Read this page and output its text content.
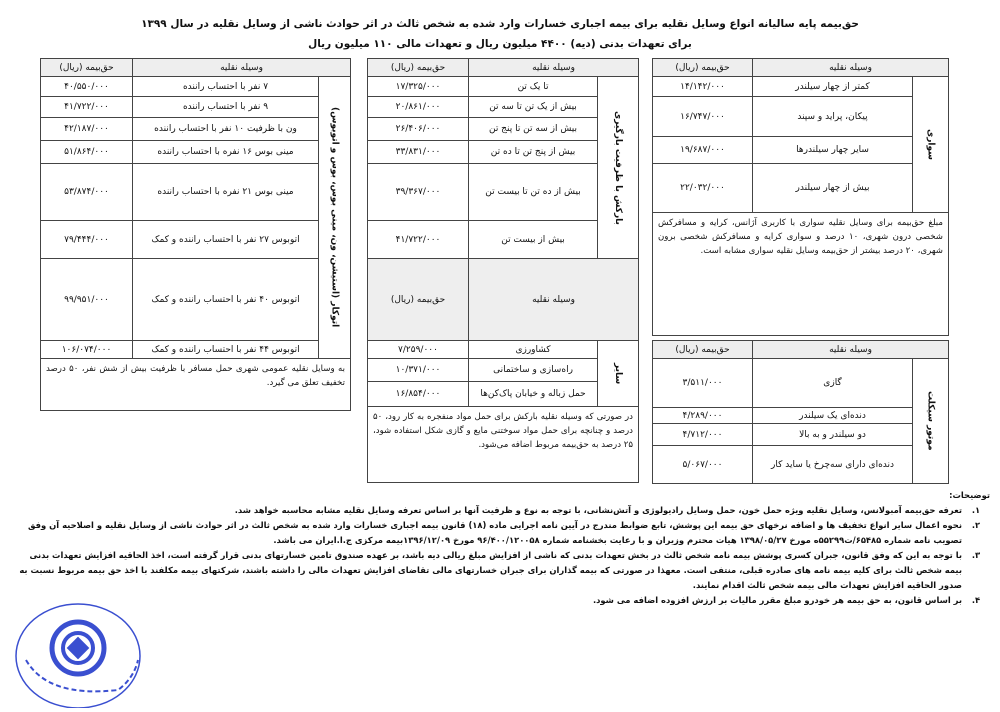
حق‌بیمه پایه سالیانه انواع وسایل نقلیه برای بیمه اجباری خسارات وارد شده به شخص ثالث در اثر حوادث ناشی از وسایل نقلیه در سال ۱۳۹۹
برای تعهدات بدنی (دیه) ۴۴۰۰ میلیون ریال و تعهدات مالی ۱۱۰ میلیون ریال
حق‌بیمه (ریال)	وسیله نقلیه
۱۴/۱۴۲/۰۰۰	کمتر از چهار سیلندر
۱۶/۷۴۷/۰۰۰	پیکان، پراید و سپند
۱۹/۶۸۷/۰۰۰	سایر چهار سیلندرها
۲۲/۰۳۲/۰۰۰	بیش از چهار سیلندر
سواری
مبلغ حق‌بیمه برای وسایل نقلیه سواری با کاربری آژانس، کرایه و مسافرکش شخصی درون شهری، ۱۰ درصد و سواری کرایه و مسافرکش شخصی برون شهری، ۲۰ درصد بیشتر از حق‌بیمه وسایل نقلیه سواری مشابه است.
حق‌بیمه (ریال)	وسیله نقلیه
۳/۵۱۱/۰۰۰	گازی
۴/۲۸۹/۰۰۰	دنده‌ای یک سیلندر
۴/۷۱۲/۰۰۰	دو سیلندر و به بالا
۵/۰۶۷/۰۰۰	دنده‌ای دارای سه‌چرخ یا ساید کار
موتور سیکلت
حق‌بیمه (ریال)	وسیله نقلیه
۱۷/۳۲۵/۰۰۰	تا یک تن
۲۰/۸۶۱/۰۰۰	بیش از یک تن تا سه تن
۲۶/۴۰۶/۰۰۰	بیش از سه تن تا پنج تن
۳۳/۸۳۱/۰۰۰	بیش از پنج تن تا ده تن
۳۹/۳۶۷/۰۰۰	بیش از ده تن تا بیست تن
۴۱/۷۲۲/۰۰۰	بیش از بیست تن
بارکش با ظرفیت بارگیری
حق‌بیمه (ریال)	وسیله نقلیه
۷/۲۵۹/۰۰۰	کشاورزی
۱۰/۳۷۱/۰۰۰	راه‌سازی و ساختمانی
۱۶/۸۵۴/۰۰۰	حمل زباله و خیابان پاک‌کن‌ها
سایر
در صورتی که وسیله نقلیه بارکش برای حمل مواد منفجره به کار رود، ۵۰ درصد و چنانچه برای حمل مواد سوختنی مایع و گازی شکل استفاده شود، ۲۵ درصد به حق‌بیمه مربوط اضافه می‌شود.
حق‌بیمه (ریال)	وسیله نقلیه
۴۰/۵۵۰/۰۰۰	۷ نفر با احتساب راننده
۴۱/۷۲۲/۰۰۰	۹ نفر با احتساب راننده
۴۲/۱۸۷/۰۰۰	ون با ظرفیت ۱۰ نفر با احتساب راننده
۵۱/۸۶۴/۰۰۰	مینی بوس ۱۶ نفره با احتساب راننده
۵۳/۸۷۴/۰۰۰	مینی بوس ۲۱ نفره با احتساب راننده
۷۹/۴۴۴/۰۰۰	اتوبوس ۲۷ نفر با احتساب راننده و کمک
۹۹/۹۵۱/۰۰۰	اتوبوس ۴۰ نفر با احتساب راننده و کمک
۱۰۶/۰۷۴/۰۰۰	اتوبوس ۴۴ نفر با احتساب راننده و کمک
اتوکار (استیشن، ون، مینی بوس، بوس و اتوبوس)
به وسایل نقلیه عمومی شهری حمل مسافر با ظرفیت بیش از شش نفر، ۵۰ درصد تخفیف تعلق می گیرد.
توضیحات:
۱.
تعرفه حق‌بیمه آمبولانس، وسایل نقلیه ویژه حمل خون، حمل وسایل رادیولوژی و آتش‌نشانی، با توجه به نوع و ظرفیت آنها بر اساس تعرفه وسایل نقلیه مشابه محاسبه خواهد شد.
۲.
نحوه اعمال سایر انواع تخفیف ها و اضافه نرخهای حق بیمه این پوشش، تابع ضوابط مندرج در آیین نامه اجرایی ماده (۱۸) قانون بیمه اجباری خسارات وارد شده به شخص ثالث در اثر حوادث ناشی از وسایل نقلیه و اصلاحیه آن وفق تصویب نامه شماره ۶۵۴۸۵/ت۵۵۲۹۹ه مورخ ۱۳۹۸/۰۵/۲۷ هیات محترم وزیران و با رعایت بخشنامه شماره ۹۶/۴۰۰/۱۲۰۰۵۸ مورخ ۱۳۹۶/۱۲/۰۹بیمه مرکزی ج.ا.ایران می باشد.
۳.
با توجه به این که وفق قانون، جبران کسری پوشش بیمه نامه شخص ثالث در بخش تعهدات بدنی که ناشی از افزایش مبلغ ریالی دیه باشد، بر عهده صندوق تامین خسارتهای بدنی قرار گرفته است، اخذ الحاقیه افزایش تعهدات بدنی بیمه شخص ثالث برای کلیه بیمه نامه های صادره قبلی، منتفی است. معهذا در صورتی که بیمه گذاران برای جبران خسارتهای مالی تقاضای افزایش تعهدات مالی را داشته باشند، شرکتهای بیمه مکلفند با اخذ حق بیمه مربوط نسبت به صدور الحاقیه افزایش تعهدات مالی بیمه شخص ثالث اقدام نمایند.
۴.
بر اساس قانون، به حق بیمه هر خودرو مبلغ مقرر مالیات بر ارزش افزوده اضافه می شود.
